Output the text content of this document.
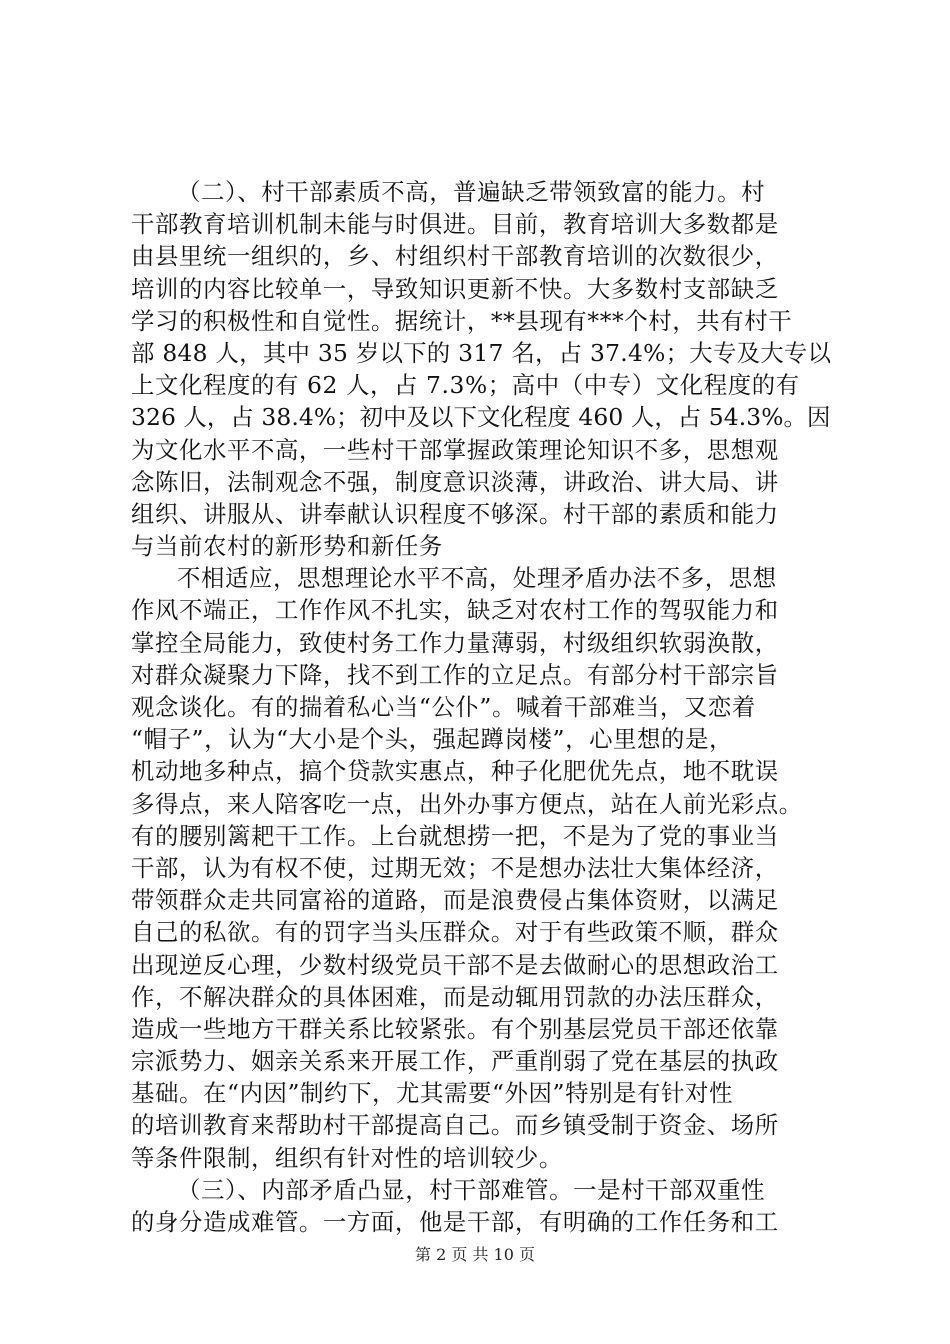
（二）、村干部素质不高，普遍缺乏带领致富的能力。村
干部教育培训机制未能与时俱进。目前，教育培训大多数都是
由县里统一组织的，乡、村组织村干部教育培训的次数很少，
培训的内容比较单一，导致知识更新不快。大多数村支部缺乏
学习的积极性和自觉性。据统计，**县现有***个村，共有村干
部 848 人，其中 35 岁以下的 317 名，占 37.4%；大专及大专以
上文化程度的有 62 人，占 7.3%；高中（中专）文化程度的有
326 人，占 38.4%；初中及以下文化程度 460 人，占 54.3%。因
为文化水平不高，一些村干部掌握政策理论知识不多，思想观
念陈旧，法制观念不强，制度意识淡薄，讲政治、讲大局、讲
组织、讲服从、讲奉献认识程度不够深。村干部的素质和能力
与当前农村的新形势和新任务
不相适应，思想理论水平不高，处理矛盾办法不多，思想
作风不端正，工作作风不扎实，缺乏对农村工作的驾驭能力和
掌控全局能力，致使村务工作力量薄弱，村级组织软弱涣散，
对群众凝聚力下降，找不到工作的立足点。有部分村干部宗旨
观念谈化。有的揣着私心当“公仆”。喊着干部难当，又恋着
“帽子”，认为“大小是个头，强起蹲岗楼”，心里想的是，
机动地多种点，搞个贷款实惠点，种子化肥优先点，地不耽误
多得点，来人陪客吃一点，出外办事方便点，站在人前光彩点。
有的腰别篱耙干工作。上台就想捞一把，不是为了党的事业当
干部，认为有权不使，过期无效；不是想办法壮大集体经济，
带领群众走共同富裕的道路，而是浪费侵占集体资财，以满足
自己的私欲。有的罚字当头压群众。对于有些政策不顺，群众
出现逆反心理，少数村级党员干部不是去做耐心的思想政治工
作，不解决群众的具体困难，而是动辄用罚款的办法压群众，
造成一些地方干群关系比较紧张。有个别基层党员干部还依靠
宗派势力、姻亲关系来开展工作，严重削弱了党在基层的执政
基础。在“内因”制约下，尤其需要“外因”特别是有针对性
的培训教育来帮助村干部提高自己。而乡镇受制于资金、场所
等条件限制，组织有针对性的培训较少。
（三）、内部矛盾凸显，村干部难管。一是村干部双重性
的身分造成难管。一方面，他是干部，有明确的工作任务和工
第 2 页 共 10 页
